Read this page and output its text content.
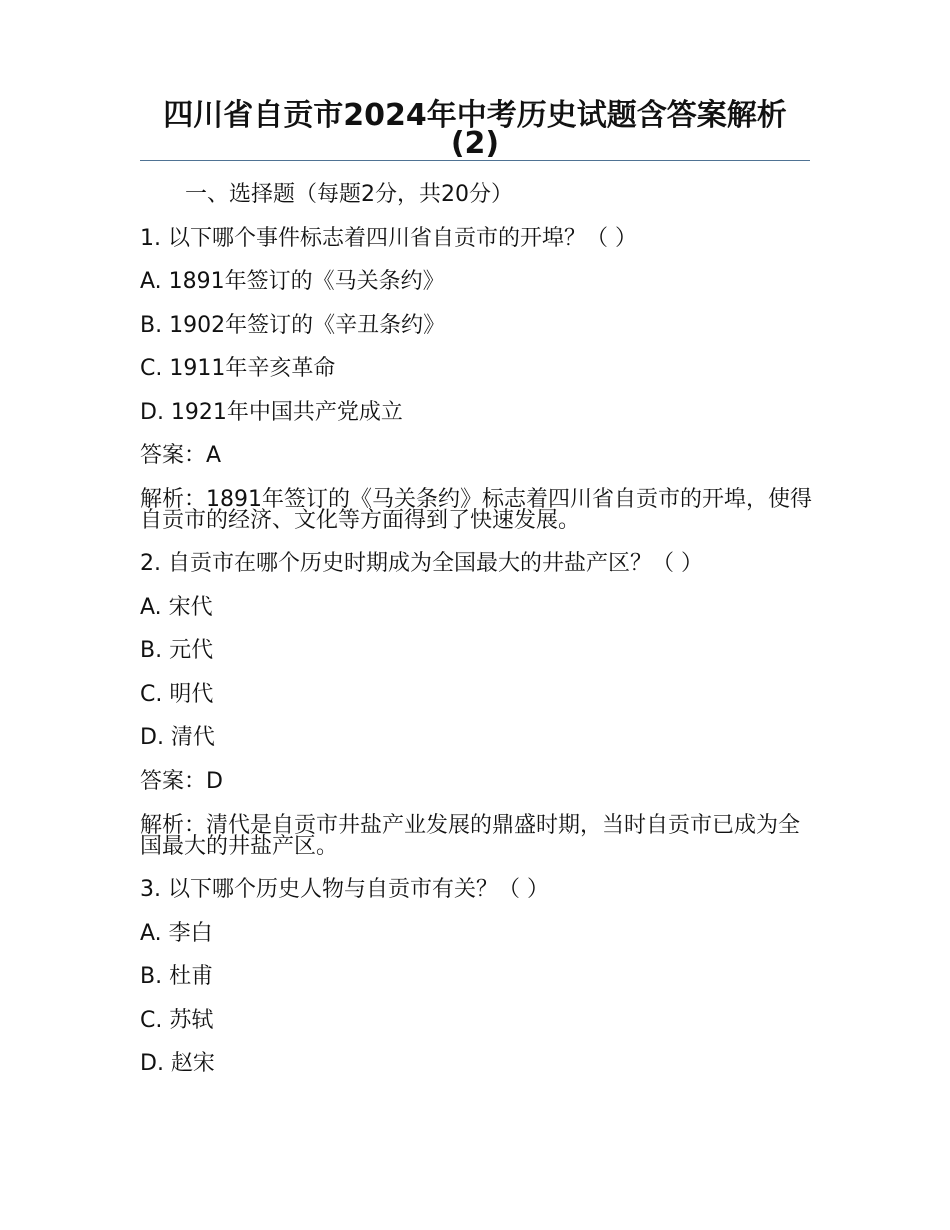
四川省自贡市2024年中考历史试题含答案解析(2)
一、选择题（每题2分，共20分）
1. 以下哪个事件标志着四川省自贡市的开埠？（ ）
A. 1891年签订的《马关条约》
B. 1902年签订的《辛丑条约》
C. 1911年辛亥革命
D. 1921年中国共产党成立
答案：A
解析：1891年签订的《马关条约》标志着四川省自贡市的开埠，使得自贡市的经济、文化等方面得到了快速发展。
2. 自贡市在哪个历史时期成为全国最大的井盐产区？（ ）
A. 宋代
B. 元代
C. 明代
D. 清代
答案：D
解析：清代是自贡市井盐产业发展的鼎盛时期，当时自贡市已成为全国最大的井盐产区。
3. 以下哪个历史人物与自贡市有关？（ ）
A. 李白
B. 杜甫
C. 苏轼
D. 赵宋
